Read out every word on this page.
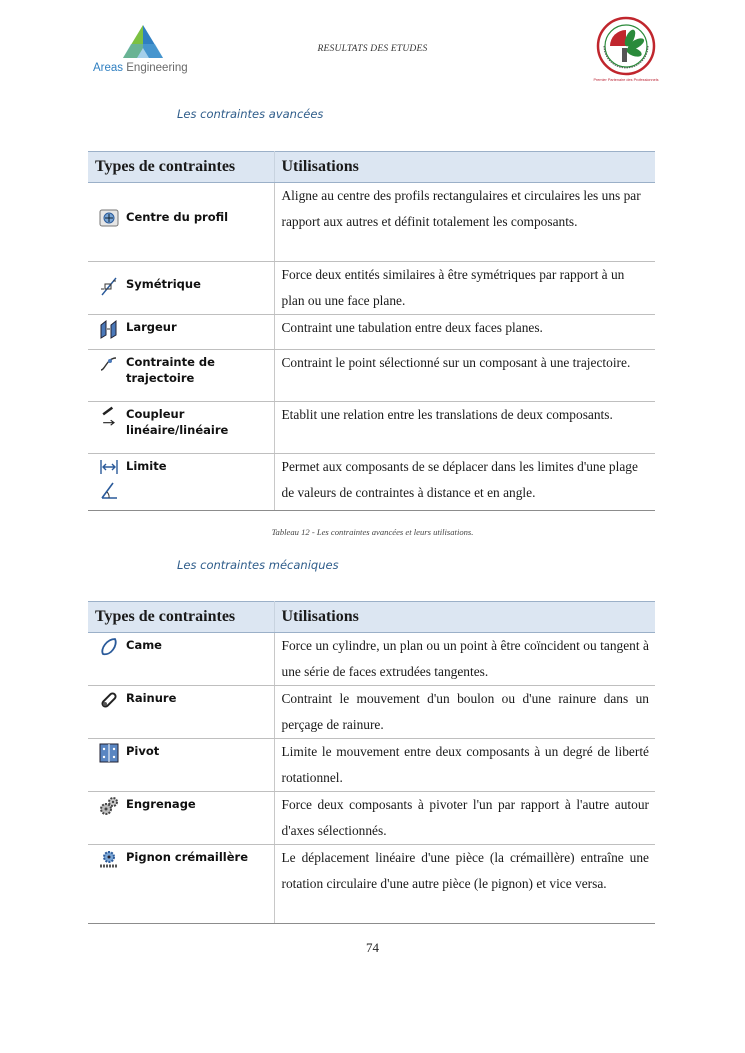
Areas Engineering
RESULTATS DES ETUDES
Premier Partenaire des Professionnels
Les contraintes avancées
Types de contraintes	Utilisations

Centre du profil	Aligne au centre des profils rectangulaires et circulaires les uns par rapport aux autres et définit totalement les composants.

Symétrique	Force deux entités similaires à être symétriques par rapport à un plan ou une face plane.

Largeur	Contraint une tabulation entre deux faces planes.

Contrainte de trajectoire	Contraint le point sélectionné sur un composant à une trajectoire.

Coupleur linéaire/linéaire	Etablit une relation entre les translations de deux composants.

Limite	Permet aux composants de se déplacer dans les limites d'une plage de valeurs de contraintes à distance et en angle.
Tableau 12 - Les contraintes avancées et leurs utilisations.
Les contraintes mécaniques
Types de contraintes	Utilisations

Came	Force un cylindre, un plan ou un point à être coïncident ou tangent à une série de faces extrudées tangentes.

Rainure	Contraint le mouvement d'un boulon ou d'une rainure dans un perçage de rainure.

Pivot	Limite le mouvement entre deux composants à un degré de liberté rotationnel.

Engrenage	Force deux composants à pivoter l'un par rapport à l'autre autour d'axes sélectionnés.

Pignon crémaillère	Le déplacement linéaire d'une pièce (la crémaillère) entraîne une rotation circulaire d'une autre pièce (le pignon) et vice versa.
74
